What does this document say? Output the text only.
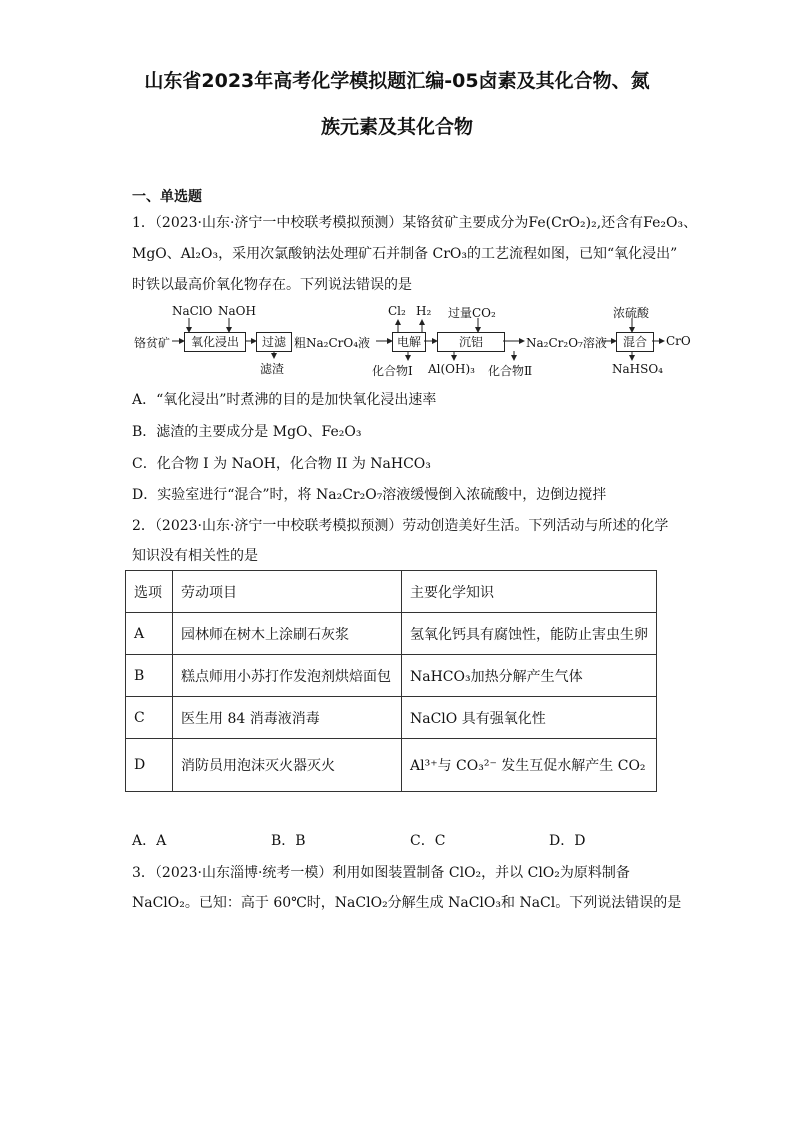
山东省2023年高考化学模拟题汇编-05卤素及其化合物、氮
族元素及其化合物
一、单选题
1．（2023·山东·济宁一中校联考模拟预测）某铬贫矿主要成分为Fe(CrO₂)₂,还含有Fe₂O₃、
MgO、Al₂O₃，采用次氯酸钠法处理矿石并制备 CrO₃的工艺流程如图，已知“氧化浸出”
时铁以最高价氧化物存在。下列说法错误的是
铬贫矿
NaClO NaOH
氧化浸出	过滤
滤渣
粗Na₂CrO₄液
Cl₂ H₂
电解
化合物Ⅰ
过量CO₂
沉铝
Al(OH)₃ 化合物Ⅱ
Na₂Cr₂O₇溶液
浓硫酸
混合	CrO
NaHSO₄
A．“氧化浸出”时煮沸的目的是加快氧化浸出速率
B．滤渣的主要成分是 MgO、Fe₂O₃
C．化合物 I 为 NaOH，化合物 II 为 NaHCO₃
D．实验室进行“混合”时，将 Na₂Cr₂O₇溶液缓慢倒入浓硫酸中，边倒边搅拌
2．（2023·山东·济宁一中校联考模拟预测）劳动创造美好生活。下列活动与所述的化学
知识没有相关性的是
选项	劳动项目	主要化学知识
A	园林师在树木上涂刷石灰浆	氢氧化钙具有腐蚀性，能防止害虫生卵
B	糕点师用小苏打作发泡剂烘焙面包	NaHCO₃加热分解产生气体
C	医生用 84 消毒液消毒	NaClO 具有强氧化性
D	消防员用泡沫灭火器灭火	Al³⁺与 CO₃²⁻ 发生互促水解产生 CO₂
A．A	B．B	C．C	D．D
3．（2023·山东淄博·统考一模）利用如图装置制备 ClO₂，并以 ClO₂为原料制备
NaClO₂。已知：高于 60℃时，NaClO₂分解生成 NaClO₃和 NaCl。下列说法错误的是
